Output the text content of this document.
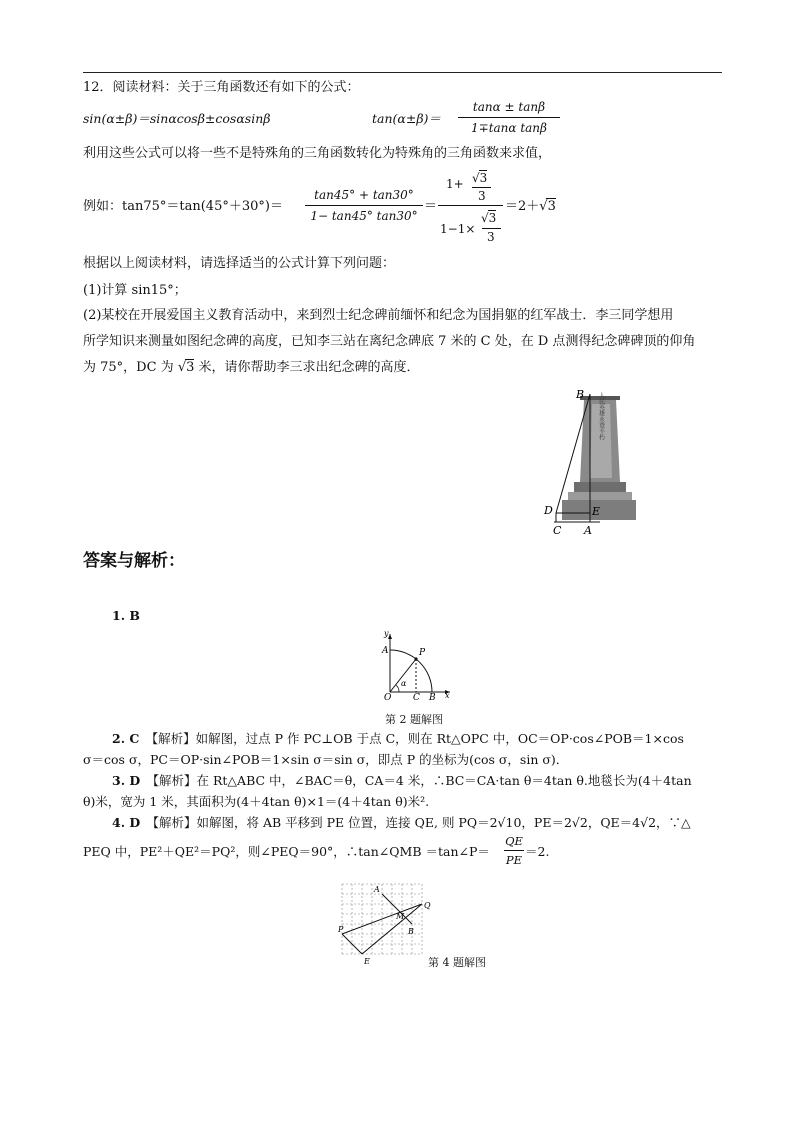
12．阅读材料：关于三角函数还有如下的公式：
sin(α±β)＝sinαcosβ±cosαsinβ	tan(α±β)＝
tanα ± tanβ
1∓tanα tanβ
利用这些公式可以将一些不是特殊角的三角函数转化为特殊角的三角函数来求值，
例如：tan75°＝tan(45°＋30°)＝
tan45° + tan30°
1− tan45° tan30°
＝
1+ √
3
3
1−1×
√
3
3
＝2＋√
3
根据以上阅读材料，请选择适当的公式计算下列问题：
(1)计算 sin15°；
(2)某校在开展爱国主义教育活动中，来到烈士纪念碑前缅怀和纪念为国捐躯的红军战士．李三同学想用
所学知识来测量如图纪念碑的高度，已知李三站在离纪念碑底 7 米的 C 处，在 D 点测得纪念碑碑顶的仰角
为 75°，DC 为 √
3 米，请你帮助李三求出纪念碑的高度．
人民英雄永垂不朽
B
D	E
C A
答案与解析：
1. B
y
A	P
α
O C B x
第 2 题解图
2. C　 【解析】如解图，过点 P 作 PC⊥OB 于点 C，则在 Rt△OPC 中，OC＝OP·cos∠POB＝1×cos
σ＝cos σ，PC＝OP·sin∠POB＝1×sin σ＝sin σ，即点 P 的坐标为(cos σ，sin σ)．
3. D　 【解析】在 Rt△ABC 中，∠BAC＝θ，CA＝4 米，∴BC＝CA·tan θ＝4tan θ.地毯长为(4＋4tan
θ)米，宽为 1 米，其面积为(4＋4tan θ)×1＝(4＋4tan θ)米².
4. D　 【解析】如解图，将 AB 平移到 PE 位置，连接 QE, 则 PQ＝2√10，PE＝2√2，QE＝4√2，∵△
PEQ 中，PE²＋QE²＝PQ²，则∠PEQ＝90°，∴tan∠QMB ＝tan∠P＝
QE
PE
＝2.
A
M
B
Q
P
E	第 4 题解图
